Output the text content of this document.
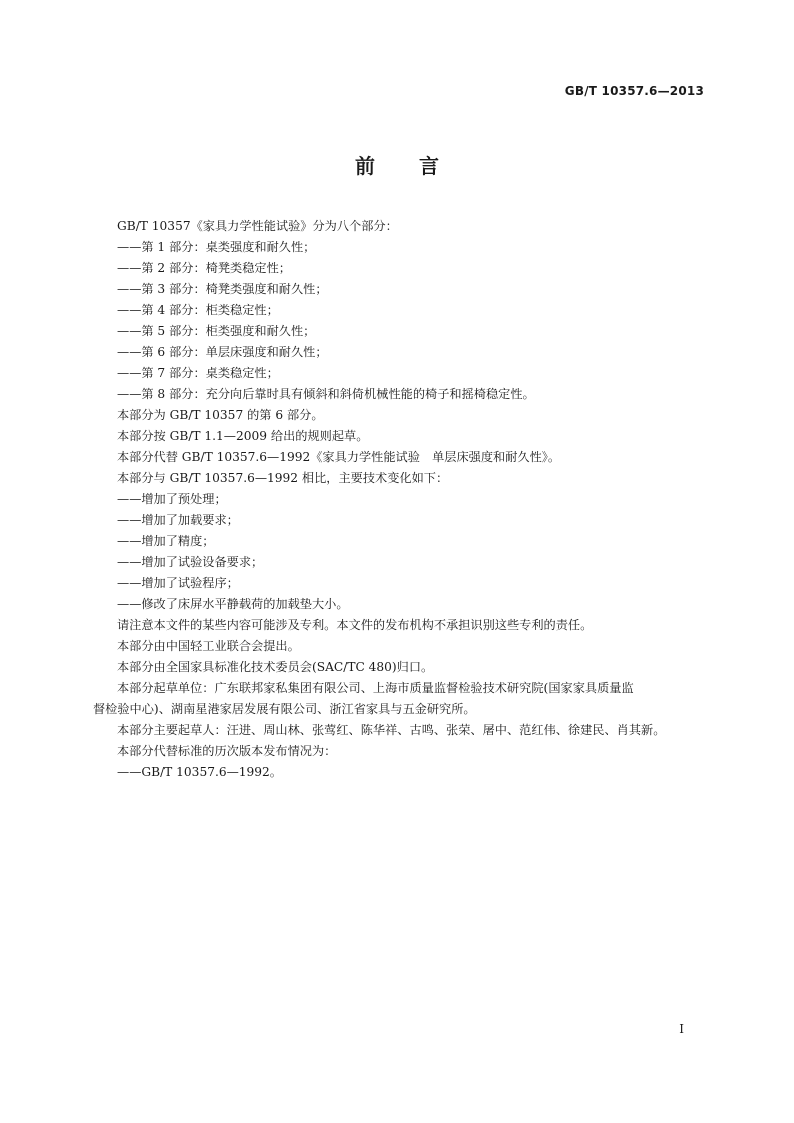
GB/T 10357.6—2013
前言
GB/T 10357《家具力学性能试验》分为八个部分：
——第 1 部分：桌类强度和耐久性；
——第 2 部分：椅凳类稳定性；
——第 3 部分：椅凳类强度和耐久性；
——第 4 部分：柜类稳定性；
——第 5 部分：柜类强度和耐久性；
——第 6 部分：单层床强度和耐久性；
——第 7 部分：桌类稳定性；
——第 8 部分：充分向后靠时具有倾斜和斜倚机械性能的椅子和摇椅稳定性。
本部分为 GB/T 10357 的第 6 部分。
本部分按 GB/T 1.1—2009 给出的规则起草。
本部分代替 GB/T 10357.6—1992《家具力学性能试验　单层床强度和耐久性》。
本部分与 GB/T 10357.6—1992 相比，主要技术变化如下：
——增加了预处理；
——增加了加载要求；
——增加了精度；
——增加了试验设备要求；
——增加了试验程序；
——修改了床屏水平静载荷的加载垫大小。
请注意本文件的某些内容可能涉及专利。本文件的发布机构不承担识别这些专利的责任。
本部分由中国轻工业联合会提出。
本部分由全国家具标准化技术委员会(SAC/TC 480)归口。
本部分起草单位：广东联邦家私集团有限公司、上海市质量监督检验技术研究院(国家家具质量监
督检验中心)、湖南星港家居发展有限公司、浙江省家具与五金研究所。
本部分主要起草人：汪进、周山林、张莺红、陈华祥、古鸣、张荣、屠中、范红伟、徐建民、肖其新。
本部分代替标准的历次版本发布情况为：
——GB/T 10357.6—1992。
I
